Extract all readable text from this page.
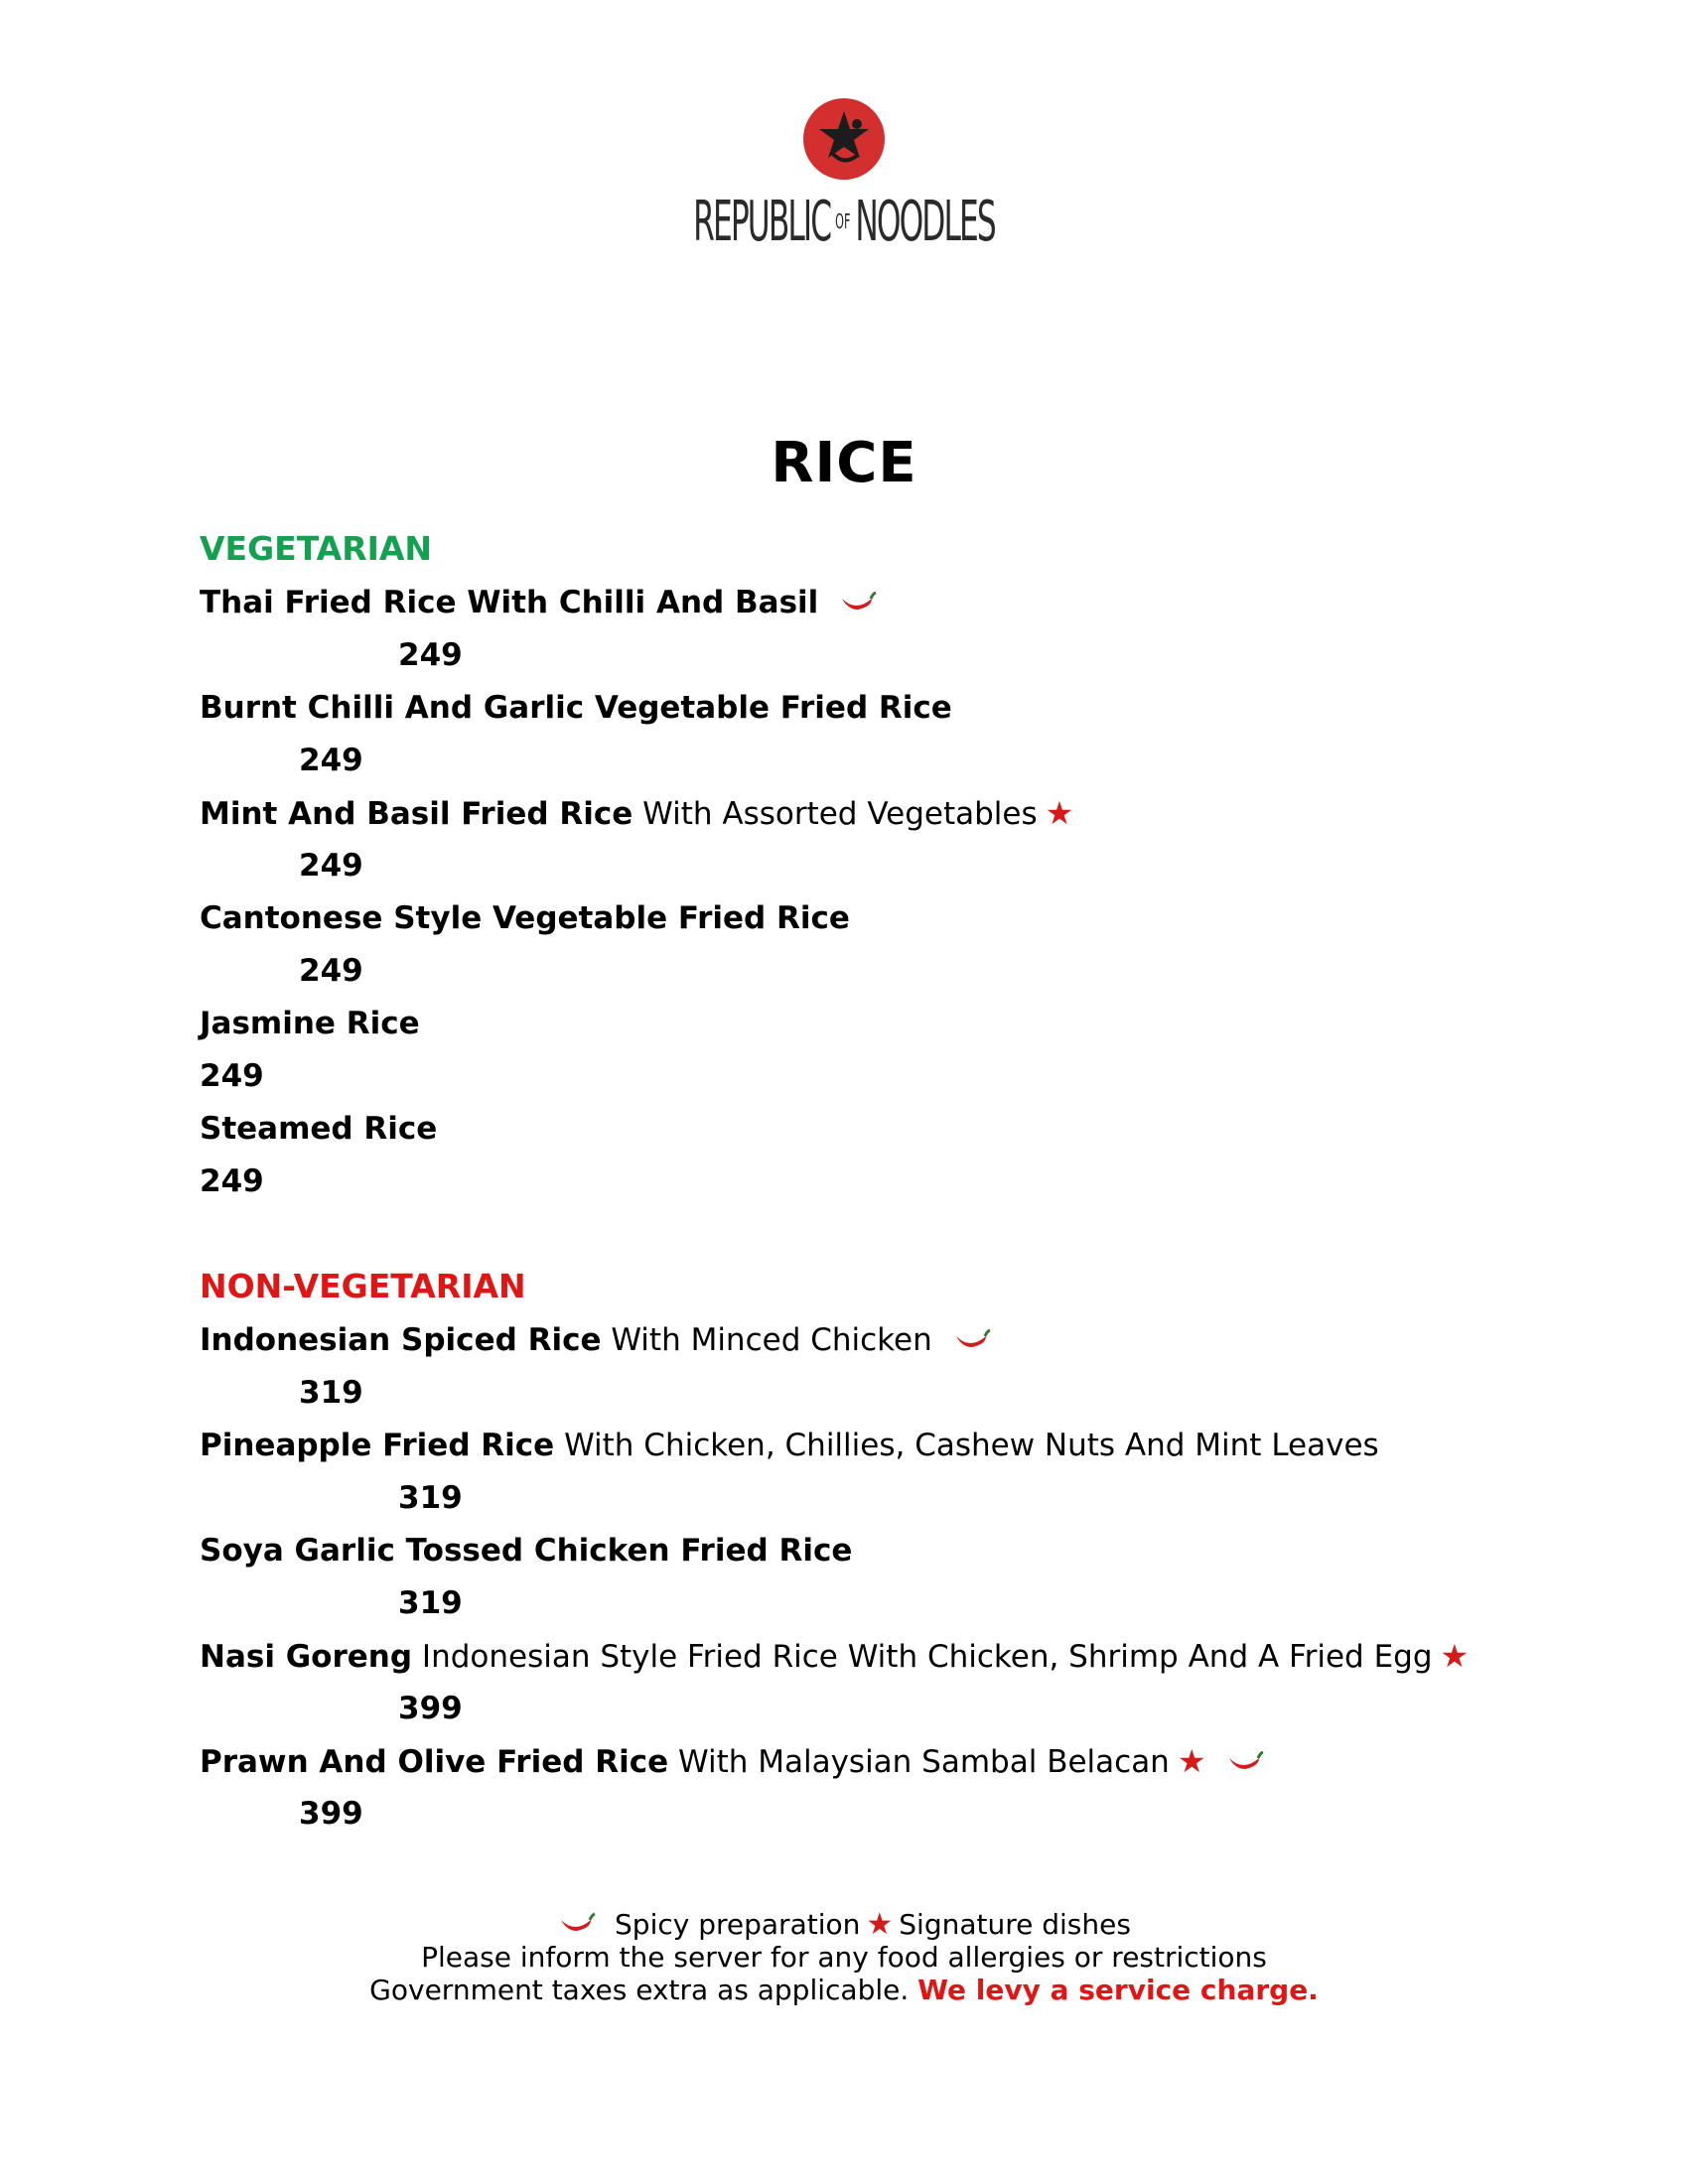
REPUBLIC $^{OF}$NOODLES
RICE
VEGETARIAN
Thai Fried Rice With Chilli And Basil
249
Burnt Chilli And Garlic Vegetable Fried Rice
249
Mint And Basil Fried Rice With Assorted Vegetables ★
249
Cantonese Style Vegetable Fried Rice
249
Jasmine Rice
249
Steamed Rice
249
NON-VEGETARIAN
Indonesian Spiced Rice With Minced Chicken
319
Pineapple Fried Rice With Chicken, Chillies, Cashew Nuts And Mint Leaves
319
Soya Garlic Tossed Chicken Fried Rice
319
Nasi Goreng Indonesian Style Fried Rice With Chicken, Shrimp And A Fried Egg ★
399
Prawn And Olive Fried Rice With Malaysian Sambal Belacan ★
399
Spicy preparation ★ Signature dishes
Please inform the server for any food allergies or restrictions
Government taxes extra as applicable. We levy a service charge.
